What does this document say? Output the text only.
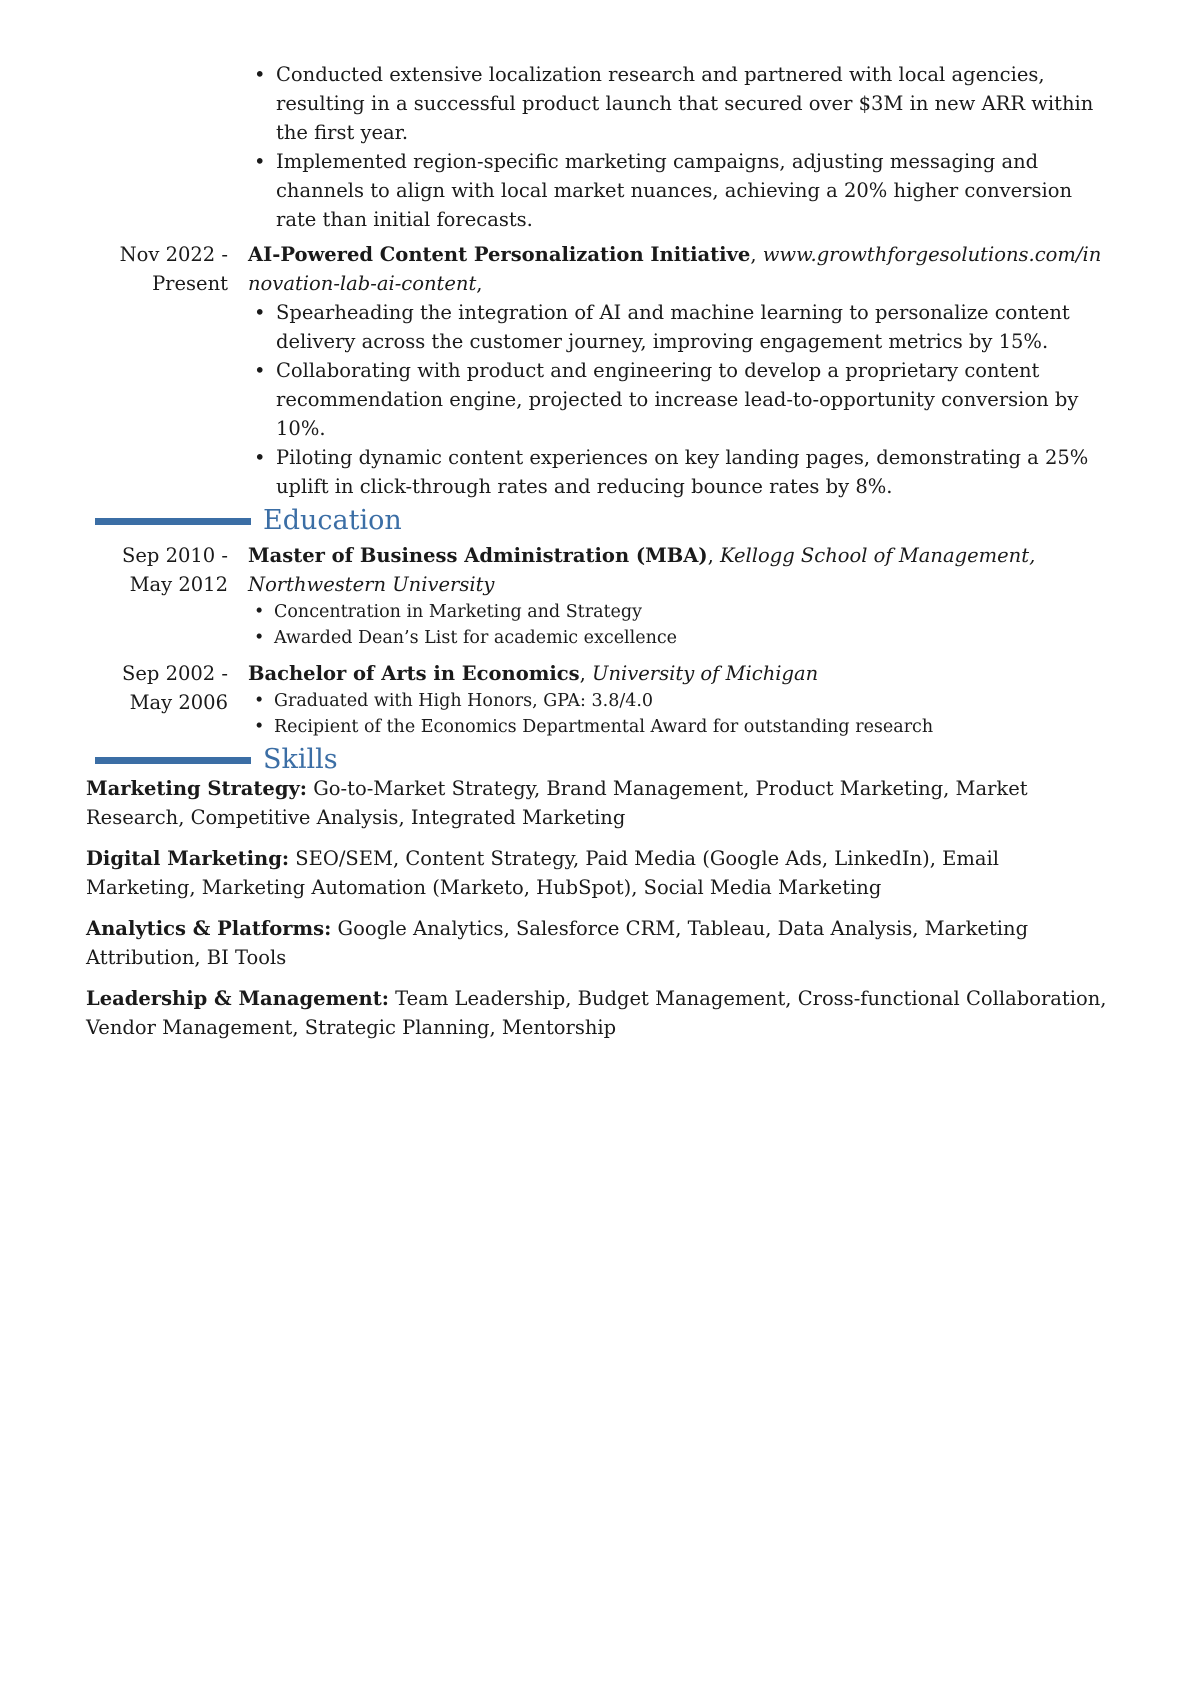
• Conducted extensive localization research and partnered with local agencies, resulting in a successful product launch that secured over $3M in new ARR within the first year.
• Implemented region-specific marketing campaigns, adjusting messaging and channels to align with local market nuances, achieving a 20% higher conversion rate than initial forecasts.
Nov 2022 - Present
AI-Powered Content Personalization Initiative, www.growthforgesolutions.com/innovation-lab-ai-content,
• Spearheading the integration of AI and machine learning to personalize content delivery across the customer journey, improving engagement metrics by 15%.
• Collaborating with product and engineering to develop a proprietary content recommendation engine, projected to increase lead-to-opportunity conversion by 10%.
• Piloting dynamic content experiences on key landing pages, demonstrating a 25% uplift in click-through rates and reducing bounce rates by 8%.
Education
Sep 2010 - May 2012
Master of Business Administration (MBA), Kellogg School of Management, Northwestern University
• Concentration in Marketing and Strategy
• Awarded Dean’s List for academic excellence
Sep 2002 - May 2006
Bachelor of Arts in Economics, University of Michigan
• Graduated with High Honors, GPA: 3.8/4.0
• Recipient of the Economics Departmental Award for outstanding research
Skills
Marketing Strategy: Go-to-Market Strategy, Brand Management, Product Marketing, Market Research, Competitive Analysis, Integrated Marketing
Digital Marketing: SEO/SEM, Content Strategy, Paid Media (Google Ads, LinkedIn), Email Marketing, Marketing Automation (Marketo, HubSpot), Social Media Marketing
Analytics & Platforms: Google Analytics, Salesforce CRM, Tableau, Data Analysis, Marketing Attribution, BI Tools
Leadership & Management: Team Leadership, Budget Management, Cross-functional Collaboration, Vendor Management, Strategic Planning, Mentorship
